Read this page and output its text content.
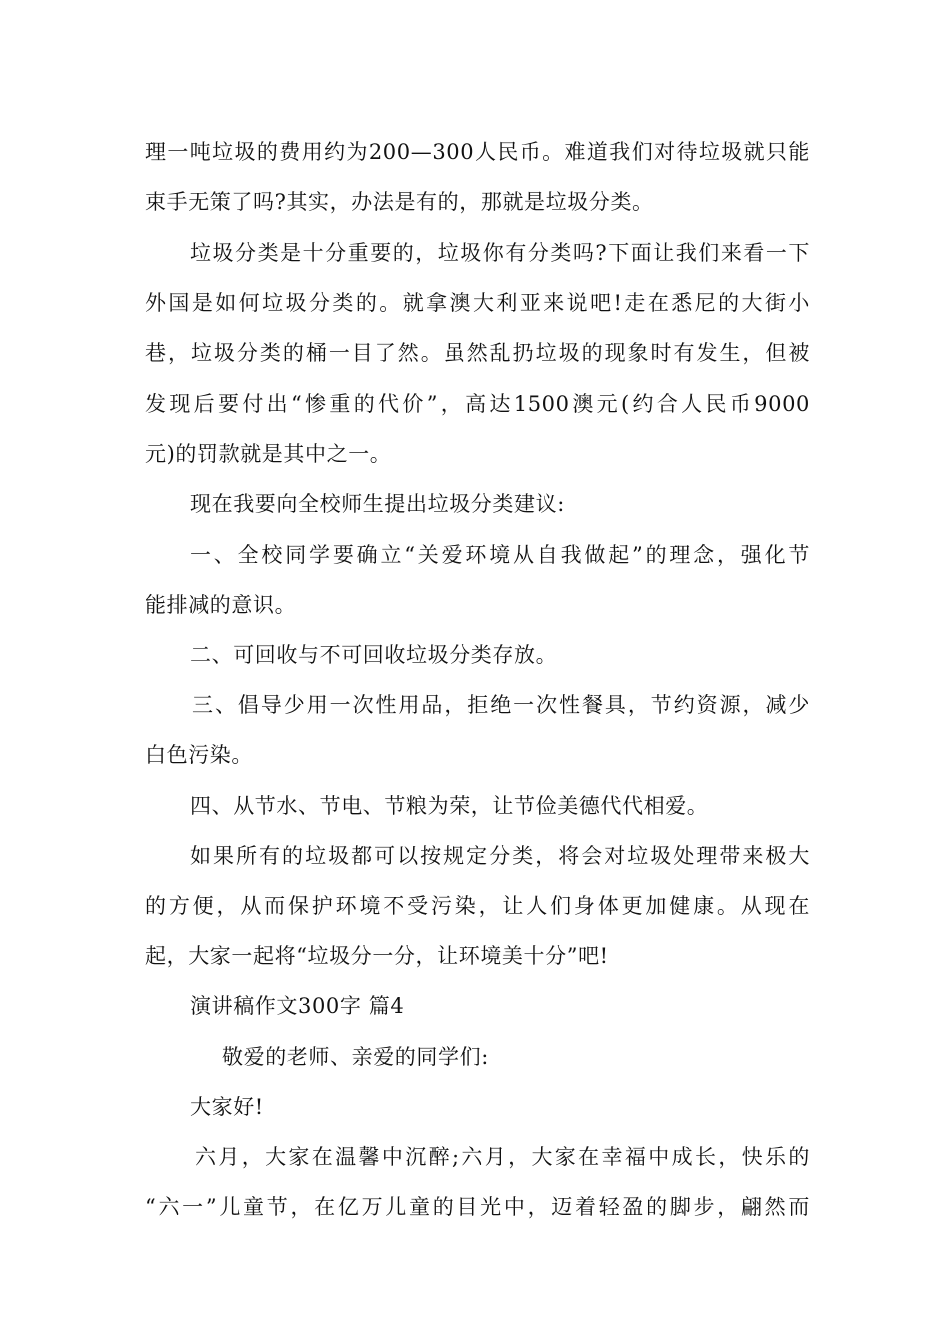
理一吨垃圾的费用约为200—300人民币。难道我们对待垃圾就只能
束手无策了吗?其实，办法是有的，那就是垃圾分类。
垃圾分类是十分重要的，垃圾你有分类吗?下面让我们来看一下
外国是如何垃圾分类的。就拿澳大利亚来说吧!走在悉尼的大街小
巷，垃圾分类的桶一目了然。虽然乱扔垃圾的现象时有发生，但被
发现后要付出“惨重的代价”，高达1500澳元(约合人民币9000
元)的罚款就是其中之一。
现在我要向全校师生提出垃圾分类建议:
一、全校同学要确立“关爱环境从自我做起”的理念，强化节
能排减的意识。
二、可回收与不可回收垃圾分类存放。
三、倡导少用一次性用品，拒绝一次性餐具，节约资源，减少
白色污染。
四、从节水、节电、节粮为荣，让节俭美德代代相爱。
如果所有的垃圾都可以按规定分类，将会对垃圾处理带来极大
的方便，从而保护环境不受污染，让人们身体更加健康。从现在
起，大家一起将“垃圾分一分，让环境美十分”吧!
演讲稿作文300字 篇4
敬爱的老师、亲爱的同学们:
大家好!
六月，大家在温馨中沉醉;六月，大家在幸福中成长，快乐的
“六一”儿童节，在亿万儿童的目光中，迈着轻盈的脚步，翩然而
